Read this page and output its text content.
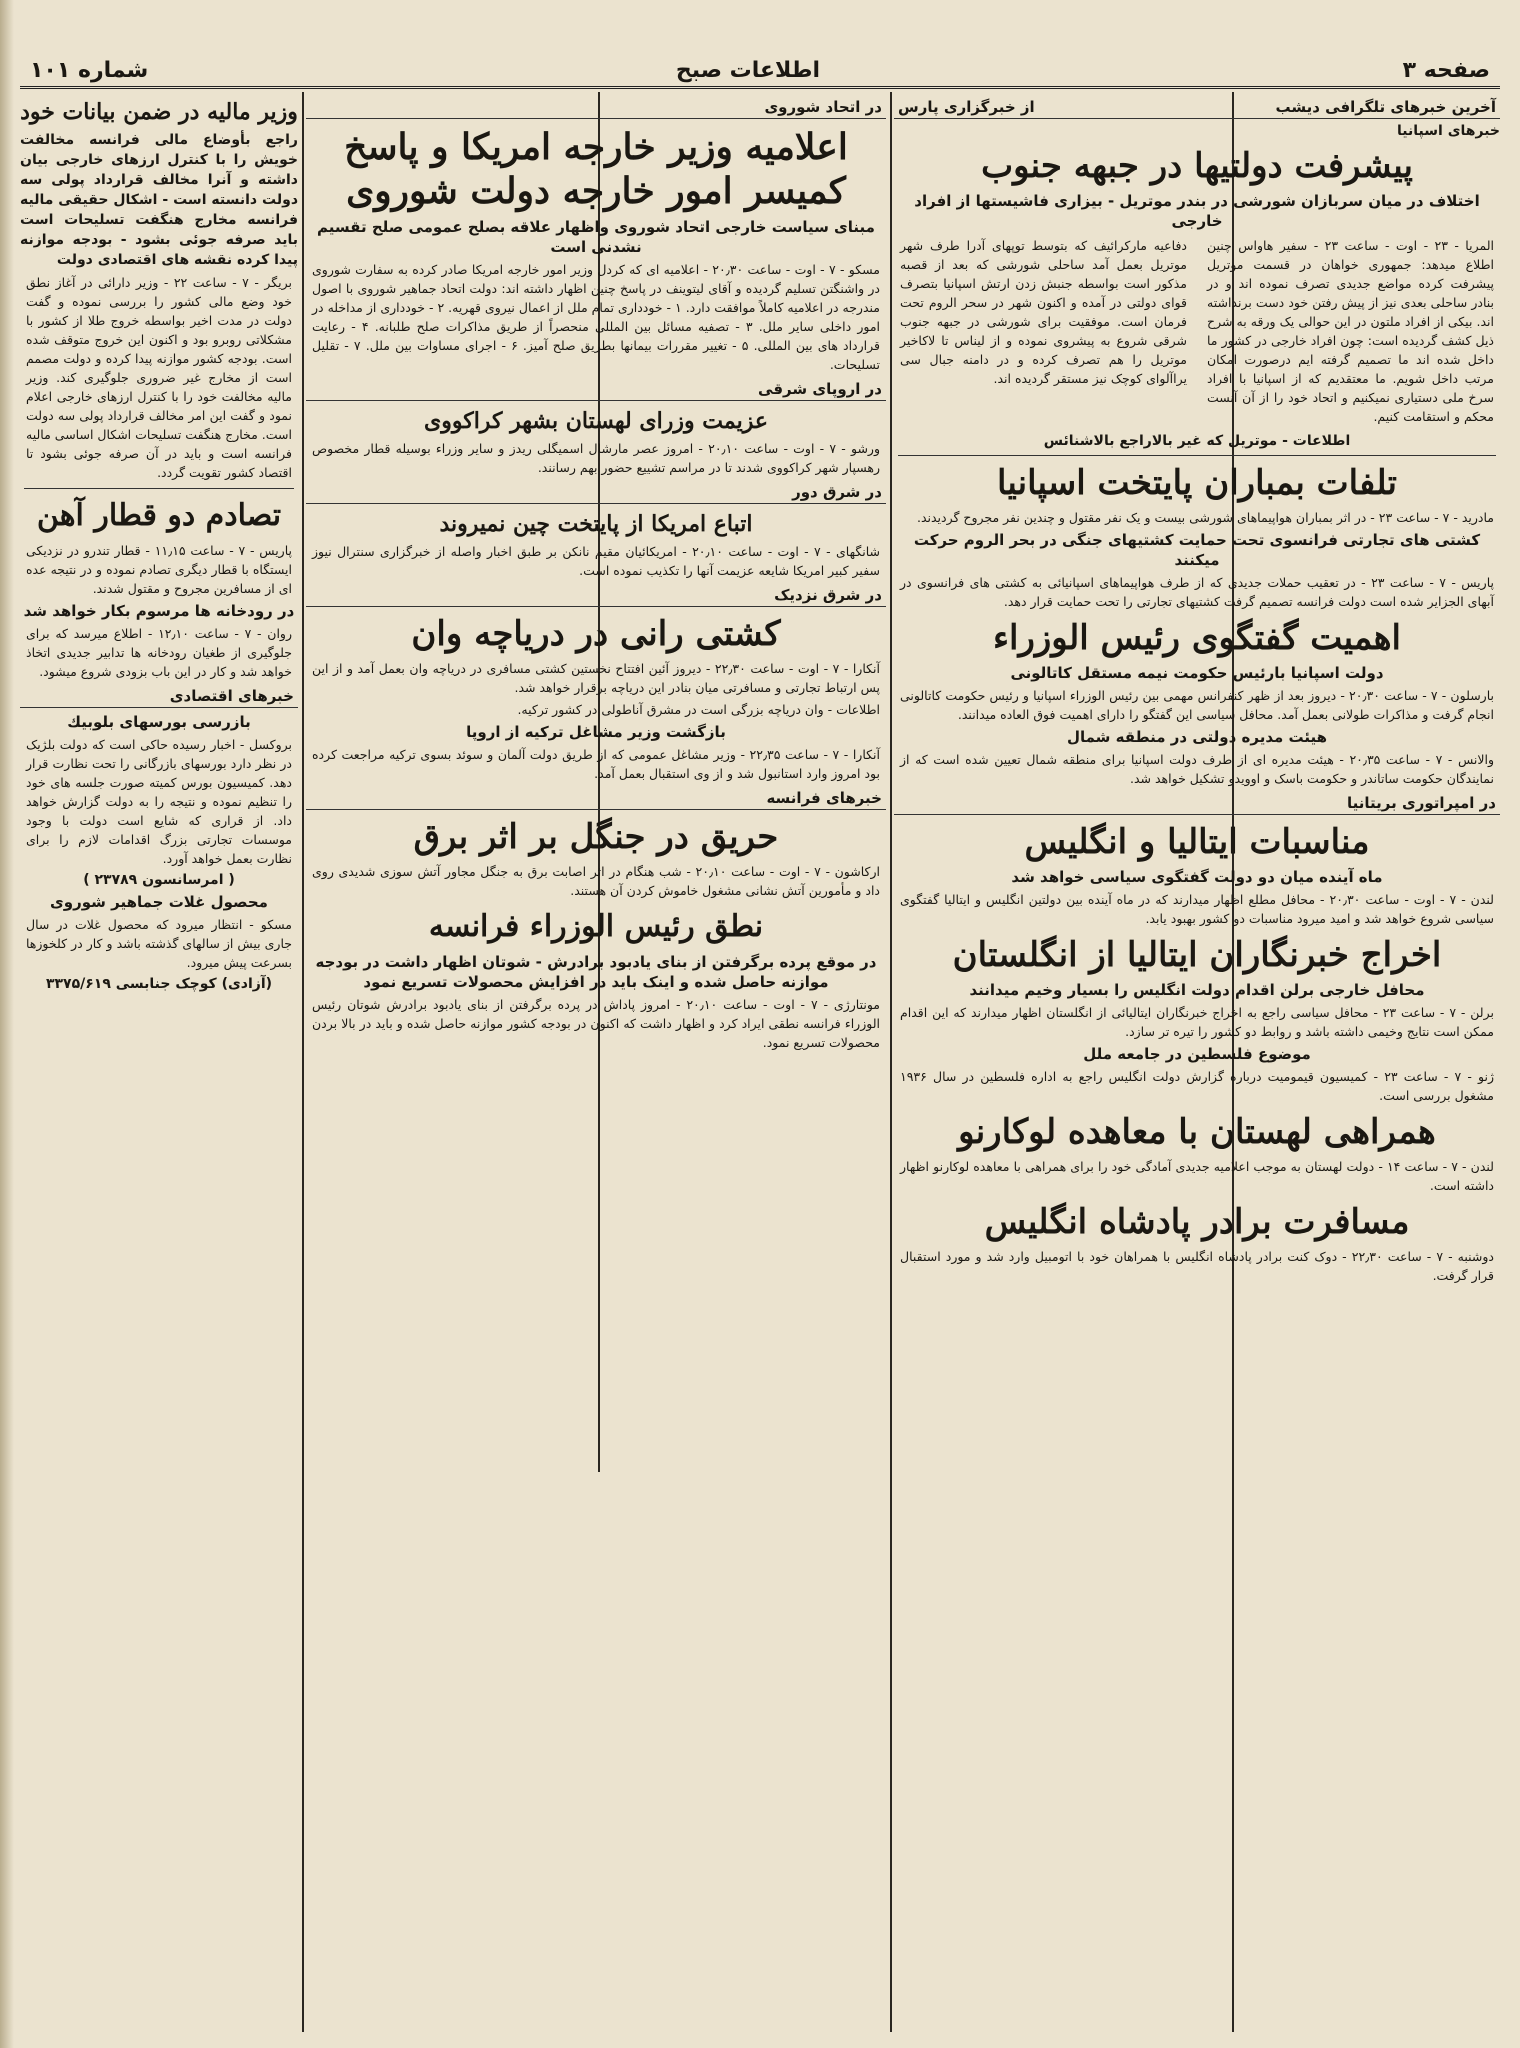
صفحه ۳
اطلاعات صبح
شماره ۱۰۱
آخرین خبرهای تلگرافی دیشب
از خبرگزاری پارس
خبرهای اسپانیا
پیشرفت دولتیها در جبهه جنوب
اختلاف در میان سربازان شورشی در بندر موتریل - بیزاری فاشیستها از افراد خارجی
المریا - ۲۳ - اوت - ساعت ۲۳ - سفیر هاواس چنین اطلاع میدهد: جمهوری خواهان در قسمت موتریل پیشرفت کرده مواضع جدیدی تصرف نموده اند و در بنادر ساحلی بعدی نیز از پیش رفتن خود دست برنداشته اند. بیکی از افراد ملتون در این حوالی یک ورقه به شرح ذیل کشف گردیده است: چون افراد خارجی در کشور ما داخل شده اند ما تصمیم گرفته ایم درصورت امکان مرتب داخل شویم. ما معتقدیم که از اسپانیا با افراد سرخ ملی دستیاری نمیکنیم و اتحاد خود را از آن آنست محکم و استقامت کنیم.
دفاعیه مارکرائیف که بتوسط توپهای آدرا طرف شهر موتریل بعمل آمد ساحلی شورشی که بعد از قصبه مذکور است بواسطه جنبش زدن ارتش اسپانیا بتصرف قوای دولتی در آمده و اکنون شهر در سحر الروم تحت فرمان است. موفقیت برای شورشی در جبهه جنوب شرقی شروع به پیشروی نموده و از لیناس تا لاکاخیر موتریل را هم تصرف کرده و در دامنه جبال سی یراآلوای کوچک نیز مستقر گردیده اند.
اطلاعات - موتریل که غیر بالاراجع بالاشنائس
تلفات بمباران پایتخت اسپانیا
مادرید - ۷ - ساعت ۲۳ - در اثر بمباران هواپیماهای شورشی بیست و یک نفر مقتول و چندین نفر مجروح گردیدند.
کشتی های تجارتی فرانسوی تحت حمایت کشتیهای جنگی در بحر الروم حرکت میکنند
پاریس - ۷ - ساعت ۲۳ - در تعقیب حملات جدیدی که از طرف هواپیماهای اسپانیائی به کشتی های فرانسوی در آبهای الجزایر شده است دولت فرانسه تصمیم گرفت کشتیهای تجارتی را تحت حمایت قرار دهد.
اهمیت گفتگوی رئیس الوزراء
دولت اسپانیا بارئیس حکومت نیمه مستقل کاتالونی
بارسلون - ۷ - ساعت ۲۰٫۳۰ - دیروز بعد از ظهر کنفرانس مهمی بین رئیس الوزراء اسپانیا و رئیس حکومت کاتالونی انجام گرفت و مذاکرات طولانی بعمل آمد. محافل سیاسی این گفتگو را دارای اهمیت فوق العاده میدانند.
هیئت مدیره دولتی در منطقه شمال
والانس - ۷ - ساعت ۲۰٫۳۵ - هیئت مدیره ای از طرف دولت اسپانیا برای منطقه شمال تعیین شده است که از نمایندگان حکومت ساتاندر و حکومت باسک و اوویدو تشکیل خواهد شد.
در امپراتوری بریتانیا
مناسبات ایتالیا و انگلیس
ماه آینده میان دو دولت گفتگوی سیاسی خواهد شد
لندن - ۷ - اوت - ساعت ۲۰٫۳۰ - محافل مطلع اظهار میدارند که در ماه آینده بین دولتین انگلیس و ایتالیا گفتگوی سیاسی شروع خواهد شد و امید میرود مناسبات دو کشور بهبود یابد.
اخراج خبرنگاران ایتالیا از انگلستان
محافل خارجی برلن اقدام دولت انگلیس را بسیار وخیم میدانند
برلن - ۷ - ساعت ۲۳ - محافل سیاسی راجع به اخراج خبرنگاران ایتالیائی از انگلستان اظهار میدارند که این اقدام ممکن است نتایج وخیمی داشته باشد و روابط دو کشور را تیره تر سازد.
موضوع فلسطین در جامعه ملل
ژنو - ۷ - ساعت ۲۳ - کمیسیون قیمومیت درباره گزارش دولت انگلیس راجع به اداره فلسطین در سال ۱۹۳۶ مشغول بررسی است.
همراهی لهستان با معاهده لوکارنو
لندن - ۷ - ساعت ۱۴ - دولت لهستان به موجب اعلامیه جدیدی آمادگی خود را برای همراهی با معاهده لوکارنو اظهار داشته است.
مسافرت برادر پادشاه انگلیس
دوشنبه - ۷ - ساعت ۲۲٫۳۰ - دوک کنت برادر پادشاه انگلیس با همراهان خود با اتومبیل وارد شد و مورد استقبال قرار گرفت.
در اتحاد شوروی
اعلامیه وزیر خارجه امریکا و پاسخ کمیسر امور خارجه دولت شوروی
مبنای سیاست خارجی اتحاد شوروی واظهار علاقه بصلح عمومی صلح تقسیم نشدنی است
مسکو - ۷ - اوت - ساعت ۲۰٫۳۰ - اعلامیه ای که کردل وزیر امور خارجه امریکا صادر کرده به سفارت شوروی در واشنگتن تسلیم گردیده و آقای لیتوینف در پاسخ چنین اظهار داشته اند: دولت اتحاد جماهیر شوروی با اصول مندرجه در اعلامیه کاملاً موافقت دارد. ۱ - خودداری تمام ملل از اعمال نیروی قهریه. ۲ - خودداری از مداخله در امور داخلی سایر ملل. ۳ - تصفیه مسائل بین المللی منحصراً از طریق مذاکرات صلح طلبانه. ۴ - رعایت قرارداد های بین المللی. ۵ - تغییر مقررات بیمانها بطریق صلح آمیز. ۶ - اجرای مساوات بین ملل. ۷ - تقلیل تسلیحات.
در اروپای شرقی
عزیمت وزرای لهستان بشهر کراکووی
ورشو - ۷ - اوت - ساعت ۲۰٫۱۰ - امروز عصر مارشال اسمیگلی ریدز و سایر وزراء بوسیله قطار مخصوص رهسپار شهر کراکووی شدند تا در مراسم تشییع حضور بهم رسانند.
در شرق دور
اتباع امریکا از پایتخت چین نمیروند
شانگهای - ۷ - اوت - ساعت ۲۰٫۱۰ - امریکائیان مقیم نانکن بر طبق اخبار واصله از خبرگزاری سنترال نیوز سفیر کبیر امریکا شایعه عزیمت آنها را تکذیب نموده است.
در شرق نزدیک
کشتی رانی در دریاچه وان
آنکارا - ۷ - اوت - ساعت ۲۲٫۳۰ - دیروز آئین افتتاح نخستین کشتی مسافری در دریاچه وان بعمل آمد و از این پس ارتباط تجارتی و مسافرتی میان بنادر این دریاچه برقرار خواهد شد.
اطلاعات - وان دریاچه بزرگی است در مشرق آناطولی در کشور ترکیه.
بازگشت وزیر مشاغل ترکیه از اروپا
آنکارا - ۷ - ساعت ۲۲٫۳۵ - وزیر مشاغل عمومی که از طریق دولت آلمان و سوئد بسوی ترکیه مراجعت کرده بود امروز وارد استانبول شد و از وی استقبال بعمل آمد.
خبرهای فرانسه
حریق در جنگل بر اثر برق
ارکاشون - ۷ - اوت - ساعت ۲۰٫۱۰ - شب هنگام در اثر اصابت برق به جنگل مجاور آتش سوزی شدیدی روی داد و مأمورین آتش نشانی مشغول خاموش کردن آن هستند.
نطق رئیس الوزراء فرانسه
در موقع پرده برگرفتن از بنای یادبود برادرش - شوتان اظهار داشت در بودجه موازنه حاصل شده و اینک باید در افزایش محصولات تسریع نمود
مونتارژی - ۷ - اوت - ساعت ۲۰٫۱۰ - امروز پاداش در پرده برگرفتن از بنای یادبود برادرش شوتان رئیس الوزراء فرانسه نطقی ایراد کرد و اظهار داشت که اکنون در بودجه کشور موازنه حاصل شده و باید در بالا بردن محصولات تسریع نمود.
وزیر مالیه در ضمن بیانات خود
راجع بأوضاع مالی فرانسه مخالفت خویش را با کنترل ارزهای خارجی بیان داشته و آنرا مخالف قرارداد پولی سه دولت دانسته است - اشکال حقیقی مالیه فرانسه مخارج هنگفت تسلیحات است باید صرفه جوئی بشود - بودجه موازنه پیدا کرده نقشه های اقتصادی دولت
بریگر - ۷ - ساعت ۲۲ - وزیر دارائی در آغاز نطق خود وضع مالی کشور را بررسی نموده و گفت دولت در مدت اخیر بواسطه خروج طلا از کشور با مشکلاتی روبرو بود و اکنون این خروج متوقف شده است. بودجه کشور موازنه پیدا کرده و دولت مصمم است از مخارج غیر ضروری جلوگیری کند. وزیر مالیه مخالفت خود را با کنترل ارزهای خارجی اعلام نمود و گفت این امر مخالف قرارداد پولی سه دولت است. مخارج هنگفت تسلیحات اشکال اساسی مالیه فرانسه است و باید در آن صرفه جوئی بشود تا اقتصاد کشور تقویت گردد.
تصادم دو قطار آهن
پاریس - ۷ - ساعت ۱۱٫۱۵ - قطار تندرو در نزدیکی ایستگاه با قطار دیگری تصادم نموده و در نتیجه عده ای از مسافرین مجروح و مقتول شدند.
در رودخانه ها مرسوم بکار خواهد شد
روان - ۷ - ساعت ۱۲٫۱۰ - اطلاع میرسد که برای جلوگیری از طغیان رودخانه ها تدابیر جدیدی اتخاذ خواهد شد و کار در این باب بزودی شروع میشود.
خبرهای اقتصادی
بازرسی بورسهای بلوبیك
بروکسل - اخبار رسیده حاکی است که دولت بلژیک در نظر دارد بورسهای بازرگانی را تحت نظارت قرار دهد. کمیسیون بورس کمیته صورت جلسه های خود را تنظیم نموده و نتیجه را به دولت گزارش خواهد داد. از قراری که شایع است دولت با وجود موسسات تجارتی بزرگ اقدامات لازم را برای نظارت بعمل خواهد آورد.
( امرسانسون ۲۳۷۸۹ )
محصول غلات جماهیر شوروی
مسکو - انتظار میرود که محصول غلات در سال جاری بیش از سالهای گذشته باشد و کار در کلخوزها بسرعت پیش میرود.
(آزادی) کوچک جنابسی ۳۳۷۵/۶۱۹
